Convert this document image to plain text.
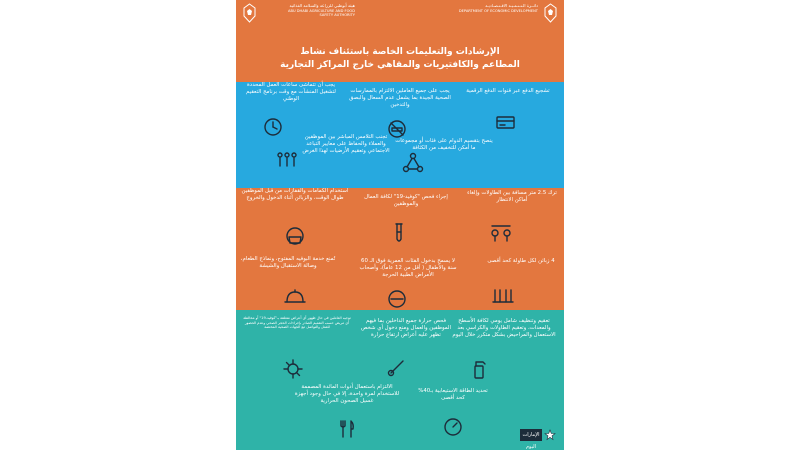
هيئة أبوظبي للزراعة والسلامة الغذائية
ABU DHABI AGRICULTURE AND FOOD
SAFETY AUTHORITY
دائــرة الـتـنـمـيـة الاقـتـصـاديـة
DEPARTMENT OF ECONOMIC DEVELOPMENT
الإرشادات والتعليمات الخاصة باستئناف نشاط
المطاعم والكافتيريات والمقاهي خارج المراكز التجارية
تشجيع الدفع عبر قنوات الدفع الرقمية
يجب على جميع العاملين الالتزام بالممارسات الصحية الجيدة بما يشمل عدم السعال والبصق والتدخين
يجب أن تتماشى ساعات العمل المحددة لتشغيل المنشآت مع وقت برنامج التعقيم الوطني
ينصح بتقسيم الدوام على فئات أو مجموعات ما أمكن للتخفيف من الكثافة
تجنب التلامس المباشر بين الموظفين والعملاء والحفاظ على معايير التباعد الاجتماعي وتعقيم الأرضيات لهذا الغرض
ترك 2.5 متر مسافة بين الطاولات وإلغاء أماكن الانتظار
إجراء فحص "كوفيد-19" لكافة العمال والموظفين
استخدام الكمامات والقفازات من قبل الموظفين طوال الوقت، والزبائن أثناء الدخول والخروج
4 زبائن لكل طاولة كحد أقصى
لا يسمح بدخول الفئات العمرية فوق الـ 60 سنة والأطفال ( أقل من 12 عاماً)، وأصحاب الأمراض الطبية الحرجة
تُمنع خدمة البوفيه المفتوح، ونماذج الطعام، وصالة الاستقبال والشيشة
تعقيم وتنظيف شامل يومي لكافة الأسطح والمعدات، وتعقيم الطاولات والكراسي بعد الاستعمال والمراحيض بشكل متكرر خلال اليوم
فحص حرارة جميع الداخلين بما فيهم الموظفين والعمال ومنع دخول أي شخص تظهر عليه أعراض ارتفاع حرارة
توجيه العاملين في حال ظهور أي أعراض متعلقة بـ"كوفيد-19" أو مخالطة أي مريض حسب التعميم الصادر بإجراءات الحجر الصحي وعدم الحضور للعمل والتواصل مع الجهات الصحية المختصة
تحديد الطاقة الاستيعابية بـ40% كحد أقصى
الالتزام باستعمال أدوات المائدة المصممة للاستخدام لمرة واحدة، إلا في حال وجود أجهزة غسيل الصحون الحرارية
الإمارات اليوم
